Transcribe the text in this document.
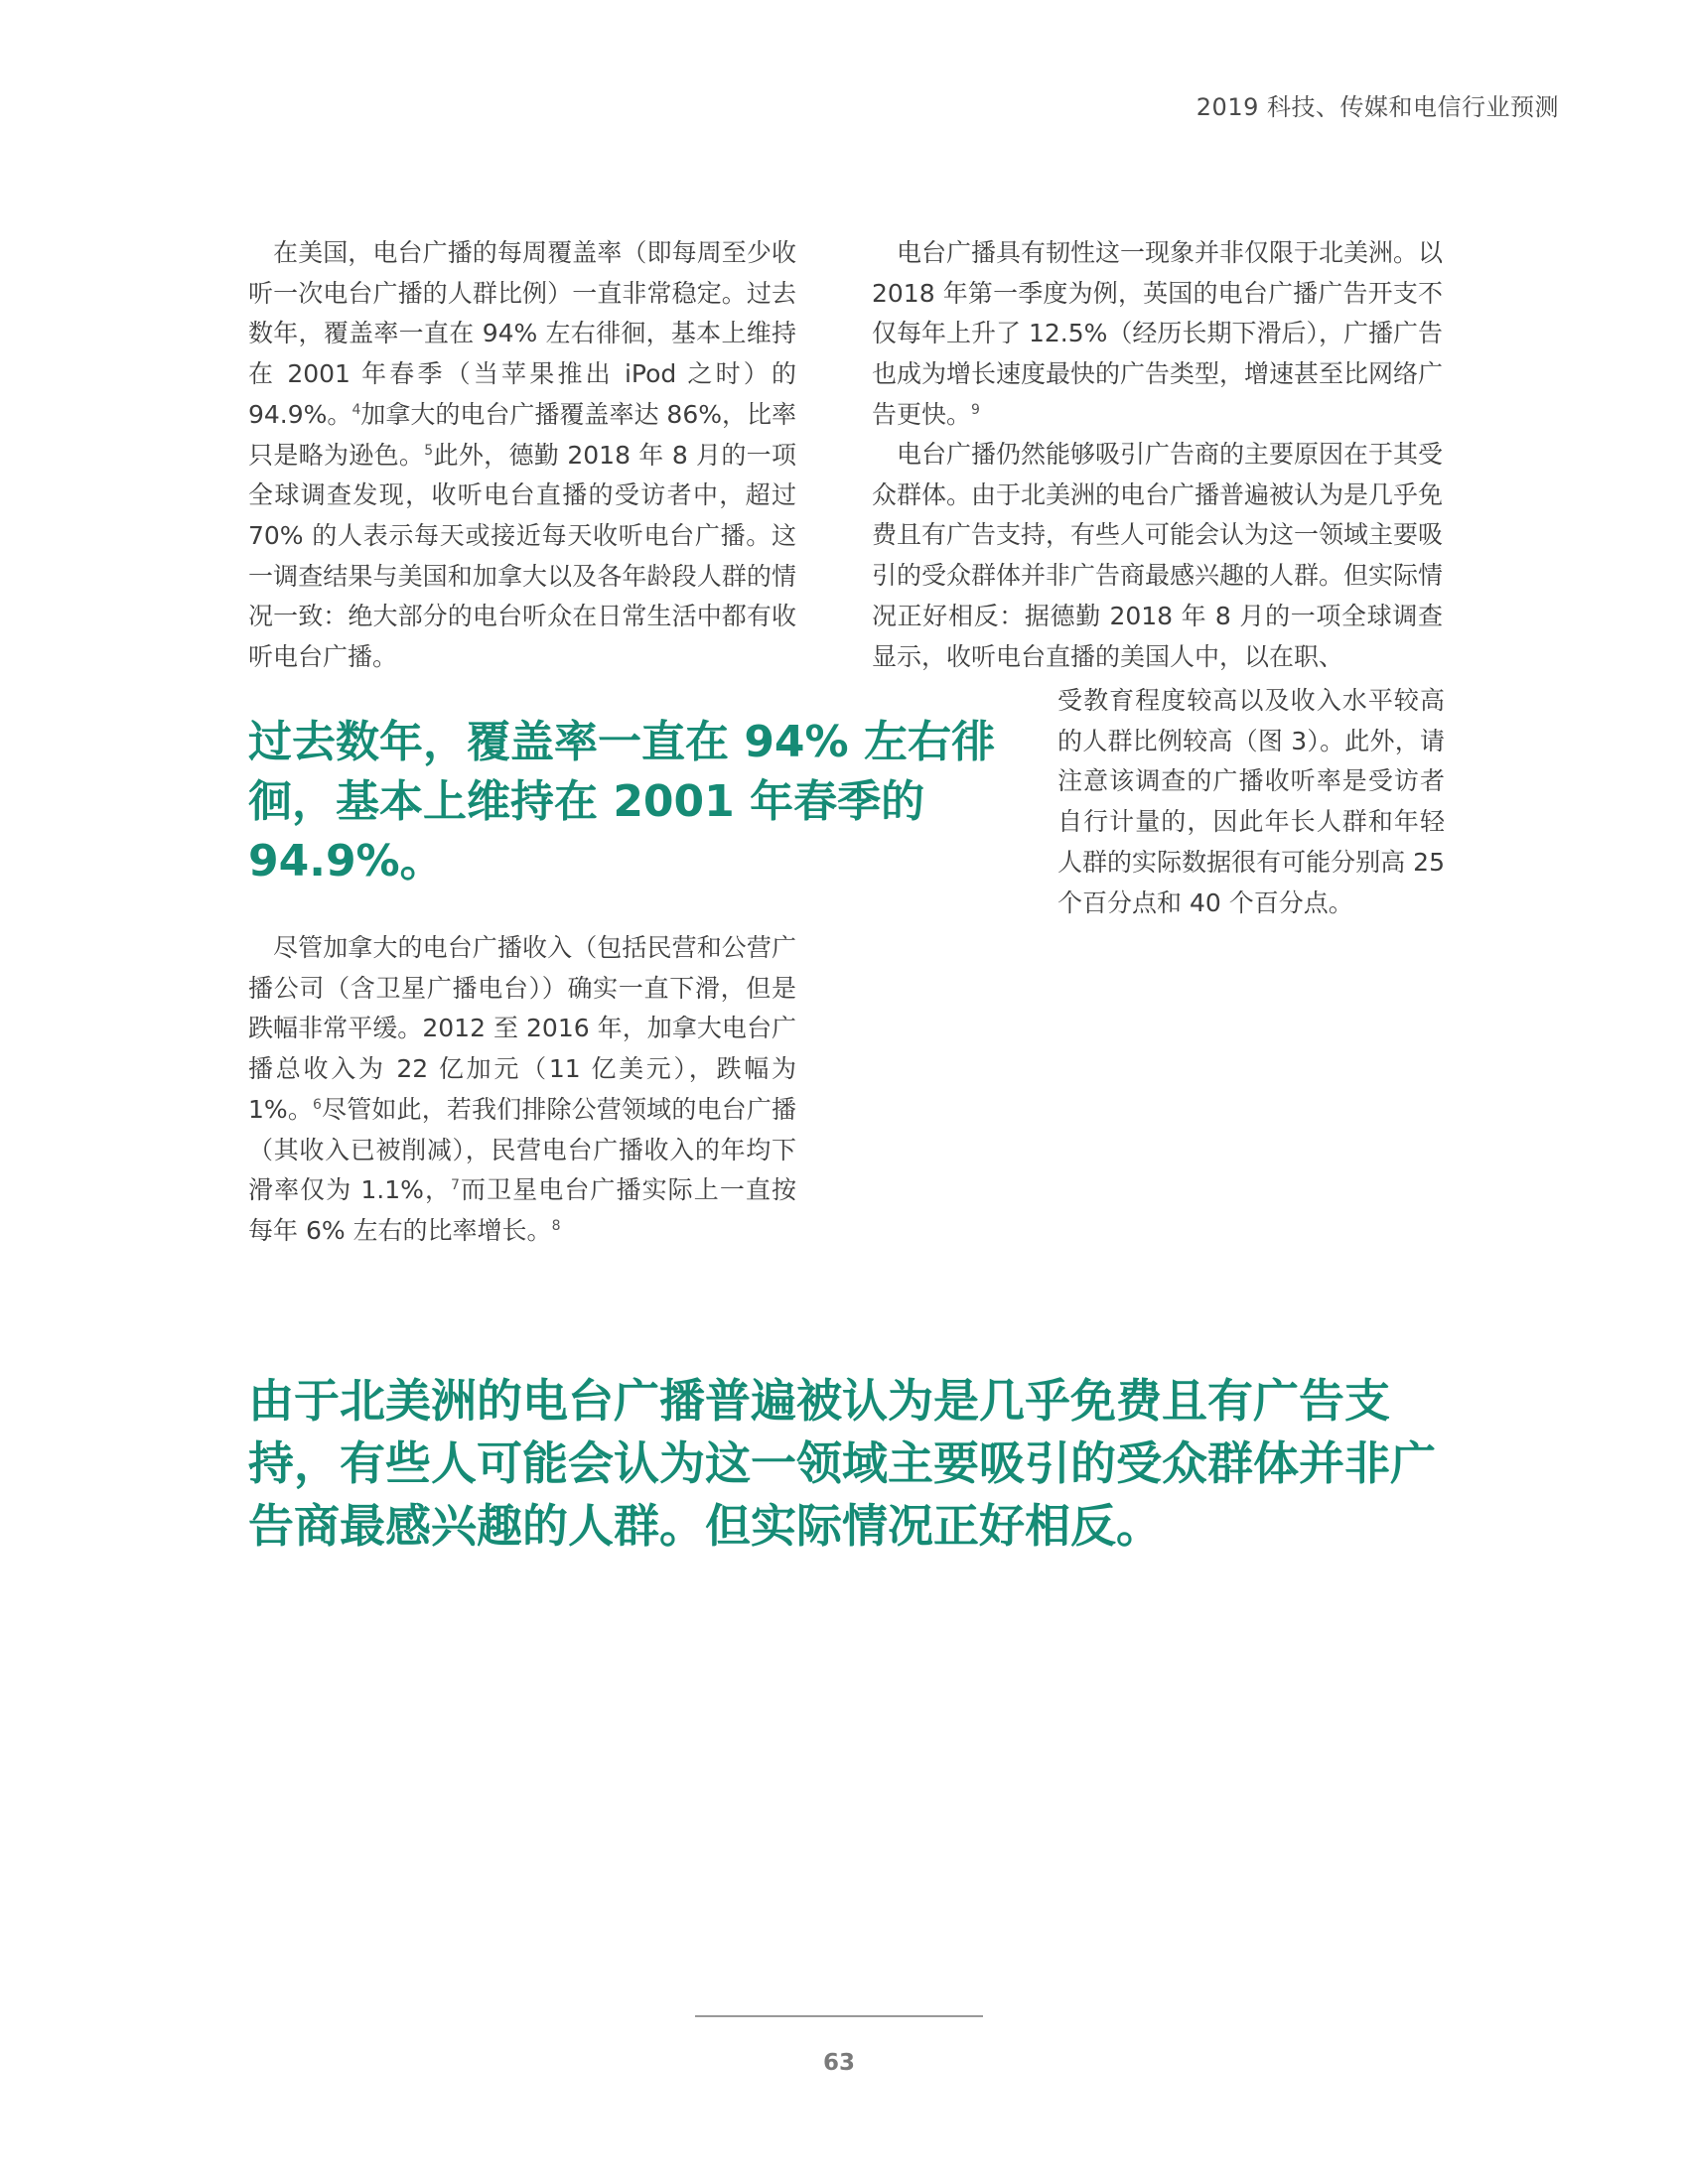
2019 科技、传媒和电信行业预测

在美国，电台广播的每周覆盖率（即每周至少收听一次电台广播的人群比例）一直非常稳定。过去数年，覆盖率一直在 94% 左右徘徊，基本上维持在 2001 年春季（当苹果推出 iPod 之时）的 94.9%。$^4$加拿大的电台广播覆盖率达 86%，比率只是略为逊色。$^5$此外，德勤 2018 年 8 月的一项全球调查发现，收听电台直播的受访者中，超过 70% 的人表示每天或接近每天收听电台广播。这一调查结果与美国和加拿大以及各年龄段人群的情况一致：绝大部分的电台听众在日常生活中都有收听电台广播。

过去数年，覆盖率一直在 94% 左右徘徊，基本上维持在 2001 年春季的 94.9%。

尽管加拿大的电台广播收入（包括民营和公营广播公司（含卫星广播电台））确实一直下滑，但是跌幅非常平缓。2012 至 2016 年，加拿大电台广播总收入为 22 亿加元（11 亿美元），跌幅为 1%。$^6$尽管如此，若我们排除公营领域的电台广播（其收入已被削减），民营电台广播收入的年均下滑率仅为 1.1%，$^7$而卫星电台广播实际上一直按每年 6% 左右的比率增长。$^8$

电台广播具有韧性这一现象并非仅限于北美洲。以 2018 年第一季度为例，英国的电台广播广告开支不仅每年上升了 12.5%（经历长期下滑后），广播广告也成为增长速度最快的广告类型，增速甚至比网络广告更快。$^9$

电台广播仍然能够吸引广告商的主要原因在于其受众群体。由于北美洲的电台广播普遍被认为是几乎免费且有广告支持，有些人可能会认为这一领域主要吸引的受众群体并非广告商最感兴趣的人群。但实际情况正好相反：据德勤 2018 年 8 月的一项全球调查显示，收听电台直播的美国人中，以在职、

受教育程度较高以及收入水平较高的人群比例较高（图 3）。此外，请注意该调查的广播收听率是受访者自行计量的，因此年长人群和年轻人群的实际数据很有可能分别高 25 个百分点和 40 个百分点。

由于北美洲的电台广播普遍被认为是几乎免费且有广告支持，有些人可能会认为这一领域主要吸引的受众群体并非广告商最感兴趣的人群。但实际情况正好相反。

63
